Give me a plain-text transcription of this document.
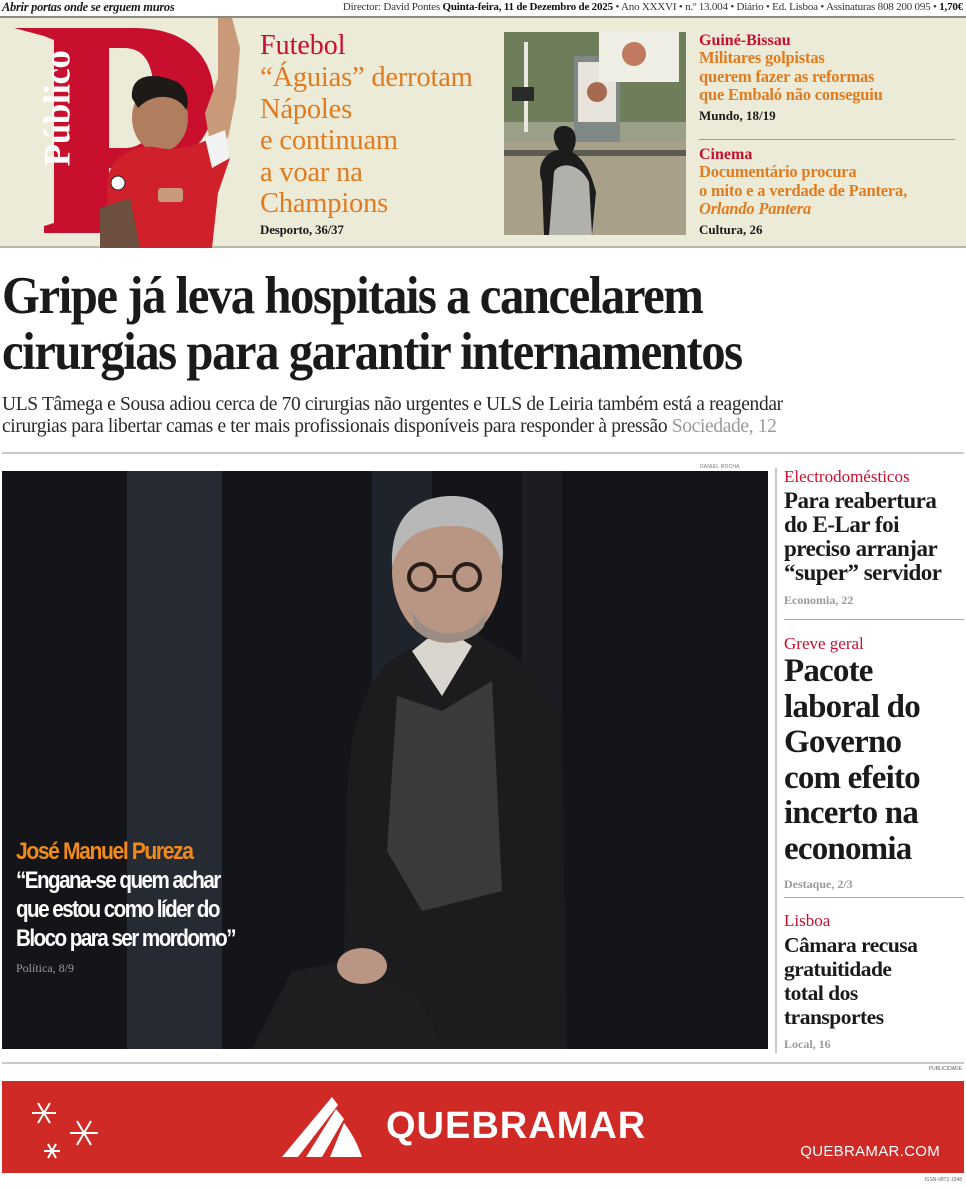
Abrir portas onde se erguem muros	Director: David Pontes Quinta-feira, 11 de Dezembro de 2025 • Ano XXXVI • n.º 13.004 • Diário • Ed. Lisboa • Assinaturas 808 200 095 • 1,70€
Público
Futebol
“Águias” derrotam
Nápoles
e continuam
a voar na
Champions
Desporto, 36/37
Guiné-Bissau
Militares golpistas
querem fazer as reformas
que Embaló não conseguiu
Mundo, 18/19
Cinema
Documentário procura
o mito e a verdade de Pantera,
Orlando Pantera
Cultura, 26
Gripe já leva hospitais a cancelarem
cirurgias para garantir internamentos
ULS Tâmega e Sousa adiou cerca de 70 cirurgias não urgentes e ULS de Leiria também está a reagendar
cirurgias para libertar camas e ter mais profissionais disponíveis para responder à pressão Sociedade, 12
DANIEL ROCHA
José Manuel Pureza
“Engana-se quem achar
que estou como líder do
Bloco para ser mordomo”
Política, 8/9
Electrodomésticos
Para reabertura
do E-Lar foi
preciso arranjar
“super” servidor
Economia, 22
Greve geral
Pacote
laboral do
Governo
com efeito
incerto na
economia
Destaque, 2/3
Lisboa
Câmara recusa
gratuitidade
total dos
transportes
Local, 16
PUBLICIDADE
QUEBRAMAR
QUEBRAMAR.COM
ISSN-0872-1548
